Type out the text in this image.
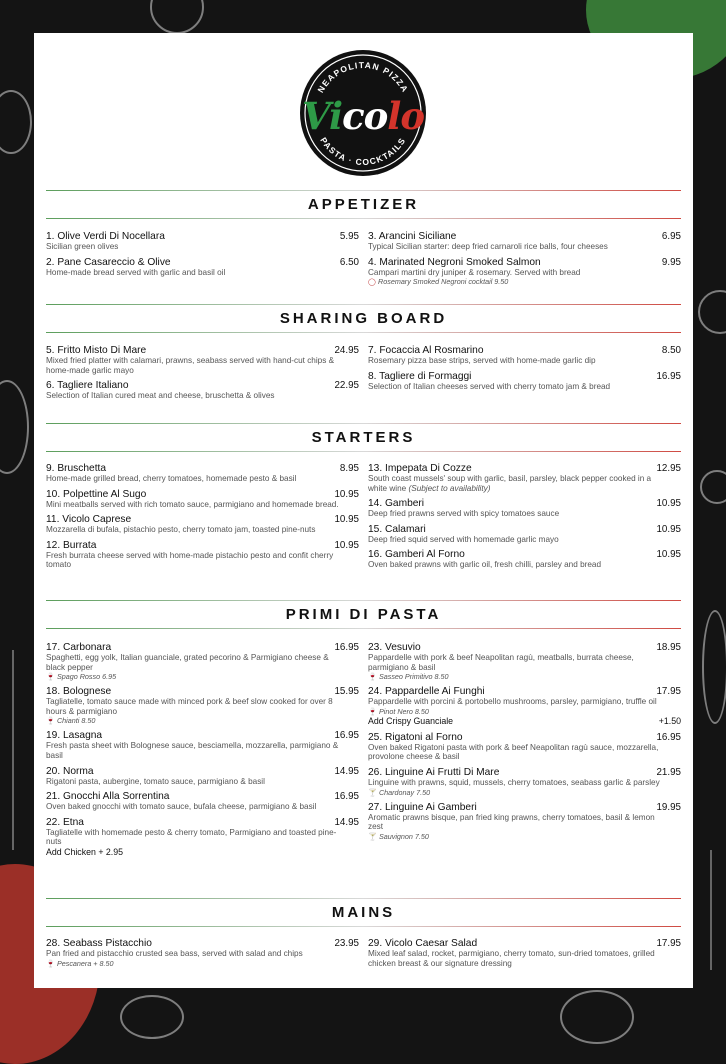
NEAPOLITAN PIZZA
PASTA · COCKTAILS
Vicolo
APPETIZER
1. Olive Verdi Di Nocellara	5.95
Sicilian green olives
2. Pane Casareccio & Olive	6.50
Home-made bread served with garlic and basil oil
3. Arancini Siciliane	6.95
Typical Sicilian starter: deep fried carnaroli rice balls, four cheeses
4. Marinated Negroni Smoked Salmon	9.95
Campari martini dry juniper & rosemary. Served with bread
◯ Rosemary Smoked Negroni cocktail 9.50
SHARING BOARD
5. Fritto Misto Di Mare	24.95
Mixed fried platter with calamari, prawns, seabass served with hand-cut chips & home-made garlic mayo
6. Tagliere Italiano	22.95
Selection of Italian cured meat and cheese, bruschetta & olives
7. Focaccia Al Rosmarino	8.50
Rosemary pizza base strips, served with home-made garlic dip
8. Tagliere di Formaggi	16.95
Selection of Italian cheeses served with cherry tomato jam & bread
STARTERS
9. Bruschetta	8.95
Home-made grilled bread, cherry tomatoes, homemade pesto & basil
10. Polpettine Al Sugo	10.95
Mini meatballs served with rich tomato sauce, parmigiano and homemade bread.
11. Vicolo Caprese	10.95
Mozzarella di bufala, pistachio pesto, cherry tomato jam, toasted pine-nuts
12. Burrata	10.95
Fresh burrata cheese served with home-made pistachio pesto and confit cherry tomato
13. Impepata Di Cozze	12.95
South coast mussels' soup with garlic, basil, parsley, black pepper cooked in a white wine (Subject to availability)
14. Gamberi	10.95
Deep fried prawns served with spicy tomatoes sauce
15. Calamari	10.95
Deep fried squid served with homemade garlic mayo
16. Gamberi Al Forno	10.95
Oven baked prawns with garlic oil, fresh chilli, parsley and bread
PRIMI DI PASTA
17. Carbonara	16.95
Spaghetti, egg yolk, Italian guanciale, grated pecorino & Parmigiano cheese & black pepper
🍷 Spago Rosso 6.95
18. Bolognese	15.95
Tagliatelle, tomato sauce made with minced pork & beef slow cooked for over 8 hours & parmigiano
🍷 Chianti 8.50
19. Lasagna	16.95
Fresh pasta sheet with Bolognese sauce, besciamella, mozzarella, parmigiano & basil
20. Norma	14.95
Rigatoni pasta, aubergine, tomato sauce, parmigiano & basil
21. Gnocchi Alla Sorrentina	16.95
Oven baked gnocchi with tomato sauce, bufala cheese, parmigiano & basil
22. Etna	14.95
Tagliatelle with homemade pesto & cherry tomato, Parmigiano and toasted pine-nuts
Add Chicken + 2.95
23. Vesuvio	18.95
Pappardelle with pork & beef Neapolitan ragù, meatballs, burrata cheese, parmigiano & basil
🍷 Sasseo Primitivo 8.50
24. Pappardelle Ai Funghi	17.95
Pappardelle with porcini & portobello mushrooms, parsley, parmigiano, truffle oil
🍷 Pinot Nero 8.50
Add Crispy Guanciale	+1.50
25. Rigatoni al Forno	16.95
Oven baked Rigatoni pasta with pork & beef Neapolitan ragù sauce, mozzarella, provolone cheese & basil
26. Linguine Ai Frutti Di Mare	21.95
Linguine with prawns, squid, mussels, cherry tomatoes, seabass garlic & parsley
🍸 Chardonay 7.50
27. Linguine Ai Gamberi	19.95
Aromatic prawns bisque, pan fried king prawns, cherry tomatoes, basil & lemon zest
🍸 Sauvignon 7.50
MAINS
28. Seabass Pistacchio	23.95
Pan fried and pistacchio crusted sea bass, served with salad and chips
🍷 Pescanera + 8.50
29. Vicolo Caesar Salad	17.95
Mixed leaf salad, rocket, parmigiano, cherry tomato, sun-dried tomatoes, grilled chicken breast & our signature dressing
